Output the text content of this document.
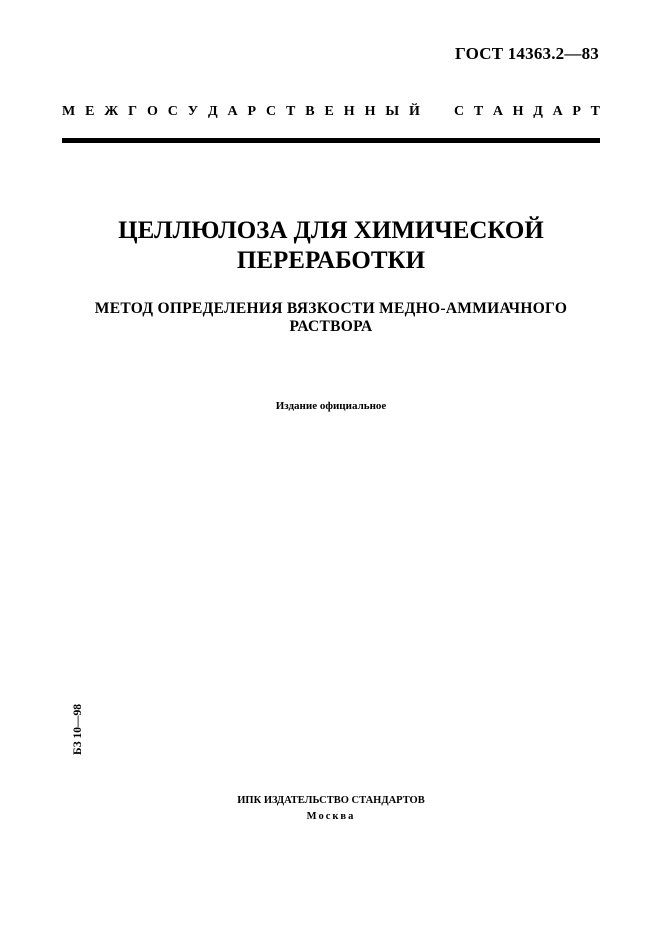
ГОСТ 14363.2—83
М Е Ж Г О С У Д А Р С Т В Е Н Н Ы Й С Т А Н Д А Р Т
ЦЕЛЛЮЛОЗА ДЛЯ ХИМИЧЕСКОЙ
ПЕРЕРАБОТКИ
МЕТОД ОПРЕДЕЛЕНИЯ ВЯЗКОСТИ МЕДНО-АММИАЧНОГО
РАСТВОРА
Издание официальное
БЗ 10—98
ИПК ИЗДАТЕЛЬСТВО СТАНДАРТОВ
Москва
